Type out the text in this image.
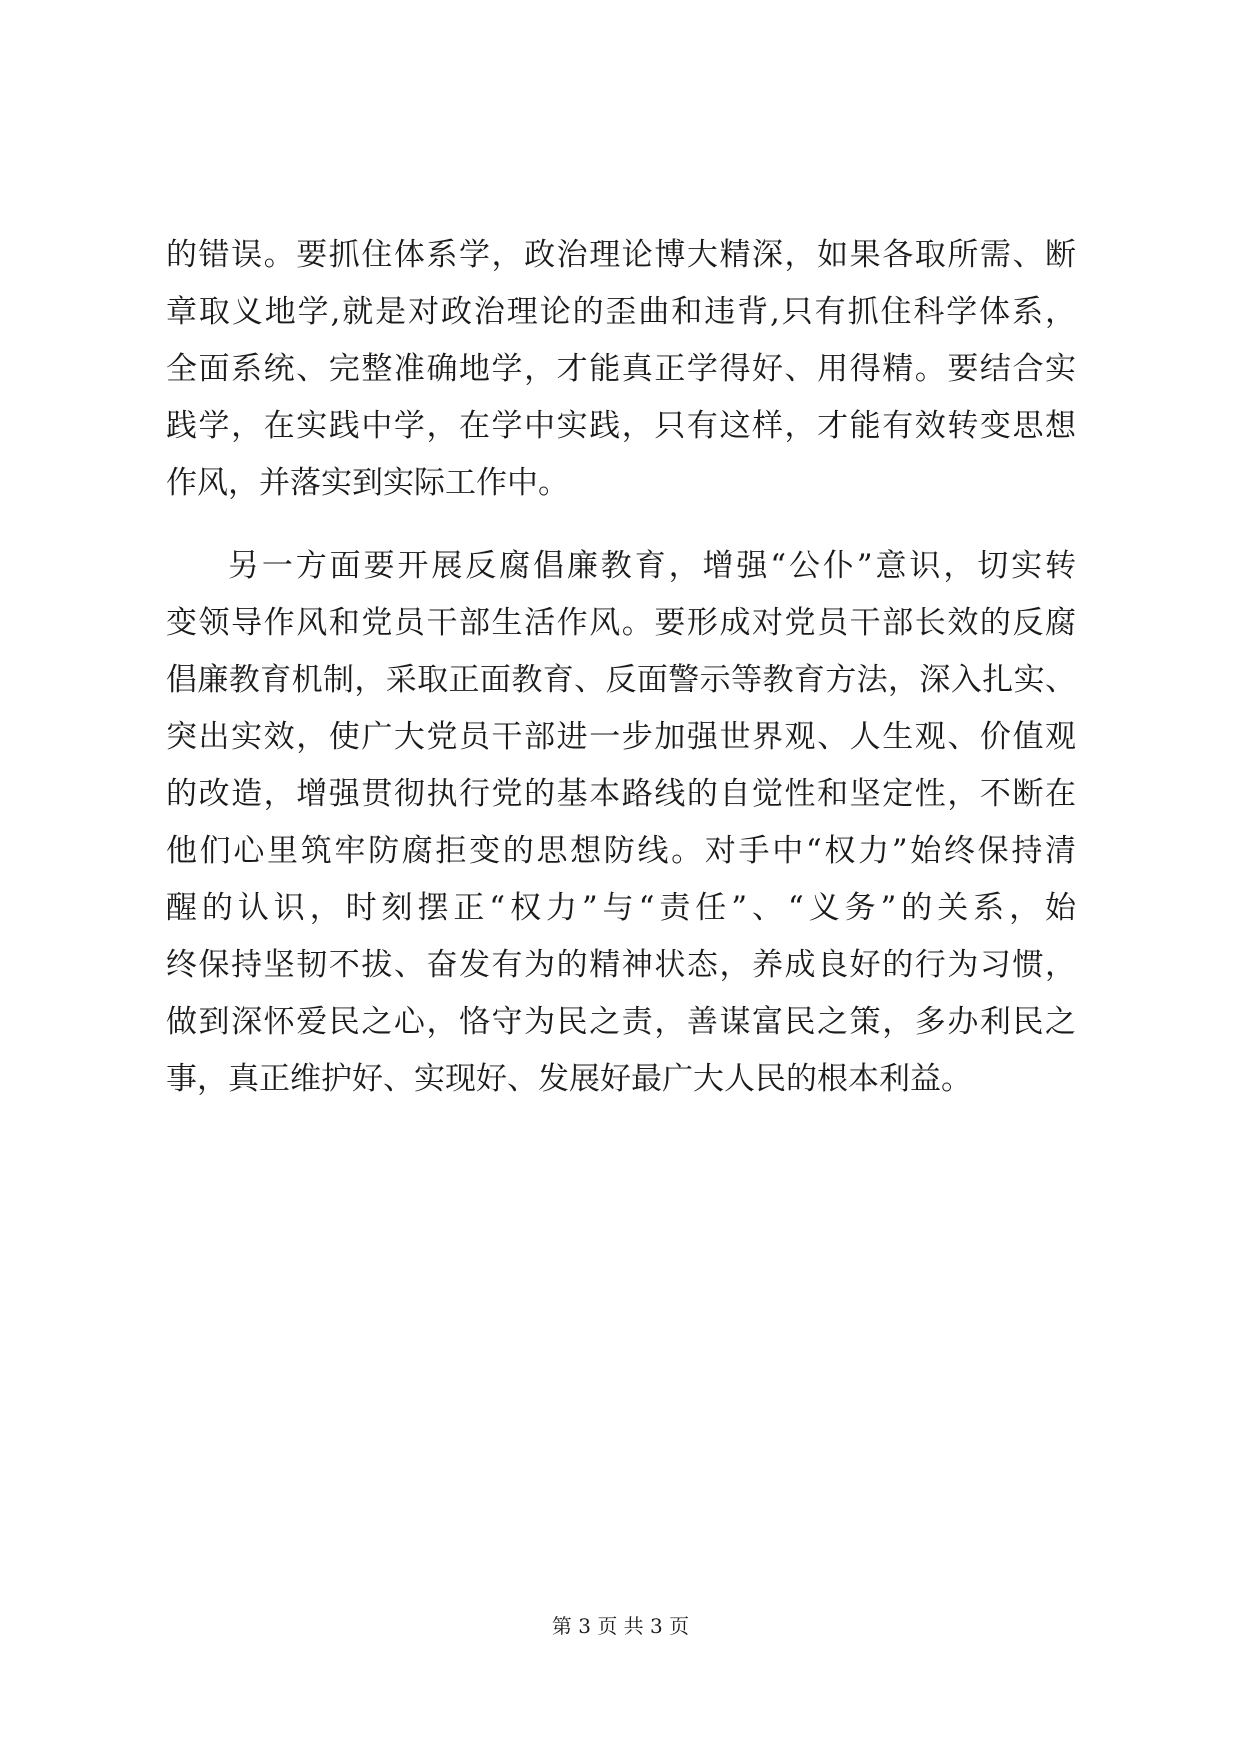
的错误。要抓住体系学，政治理论博大精深，如果各取所需、断
章取义地学,就是对政治理论的歪曲和违背,只有抓住科学体系，
全面系统、完整准确地学，才能真正学得好、用得精。要结合实
践学，在实践中学，在学中实践，只有这样，才能有效转变思想
作风，并落实到实际工作中。
另一方面要开展反腐倡廉教育，增强“公仆”意识，切实转
变领导作风和党员干部生活作风。要形成对党员干部长效的反腐
倡廉教育机制，采取正面教育、反面警示等教育方法，深入扎实、
突出实效，使广大党员干部进一步加强世界观、人生观、价值观
的改造，增强贯彻执行党的基本路线的自觉性和坚定性，不断在
他们心里筑牢防腐拒变的思想防线。对手中“权力”始终保持清
醒的认识，时刻摆正“权力”与“责任”、“义务”的关系，始
终保持坚韧不拔、奋发有为的精神状态，养成良好的行为习惯，
做到深怀爱民之心，恪守为民之责，善谋富民之策，多办利民之
事，真正维护好、实现好、发展好最广大人民的根本利益。
第 3 页 共 3 页
